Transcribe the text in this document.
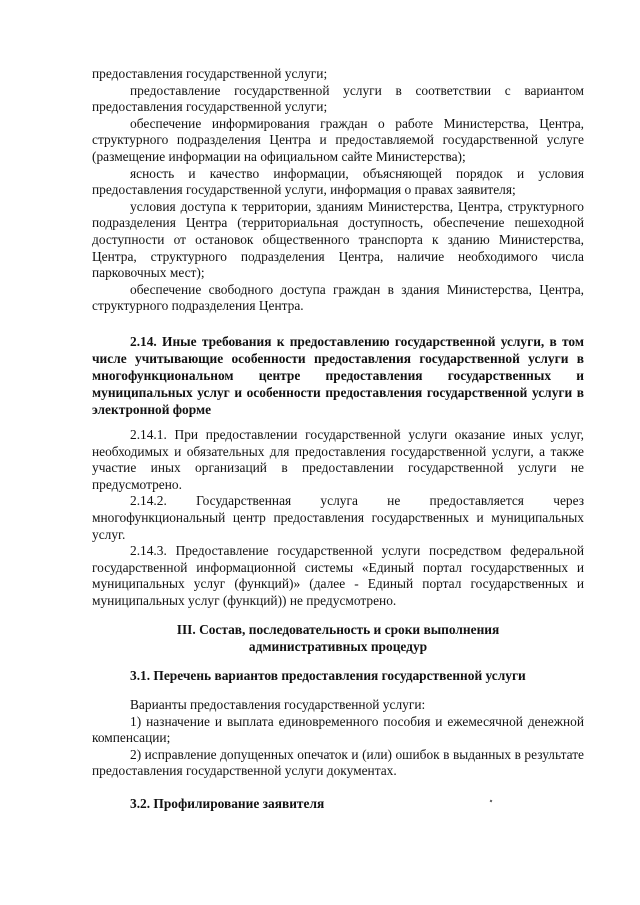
предоставления государственной услуги;

предоставление государственной услуги в соответствии с вариантом предоставления государственной услуги;

обеспечение информирования граждан о работе Министерства, Центра, структурного подразделения Центра и предоставляемой государственной услуге (размещение информации на официальном сайте Министерства);

ясность и качество информации, объясняющей порядок и условия предоставления государственной услуги, информация о правах заявителя;

условия доступа к территории, зданиям Министерства, Центра, структурного подразделения Центра (территориальная доступность, обеспечение пешеходной доступности от остановок общественного транспорта к зданию Министерства, Центра, структурного подразделения Центра, наличие необходимого числа парковочных мест);

обеспечение свободного доступа граждан в здания Министерства, Центра, структурного подразделения Центра.

2.14. Иные требования к предоставлению государственной услуги, в том числе учитывающие особенности предоставления государственной услуги в многофункциональном центре предоставления государственных и муниципальных услуг и особенности предоставления государственной услуги в электронной форме

2.14.1. При предоставлении государственной услуги оказание иных услуг, необходимых и обязательных для предоставления государственной услуги, а также участие иных организаций в предоставлении государственной услуги не предусмотрено.

2.14.2. Государственная услуга не предоставляется через многофункциональный центр предоставления государственных и муниципальных услуг.

2.14.3. Предоставление государственной услуги посредством федеральной государственной информационной системы «Единый портал государственных и муниципальных услуг (функций)» (далее - Единый портал государственных и муниципальных услуг (функций)) не предусмотрено.

III. Состав, последовательность и сроки выполнения административных процедур
3.1. Перечень вариантов предоставления государственной услуги

Варианты предоставления государственной услуги:

1) назначение и выплата единовременного пособия и ежемесячной денежной компенсации;

2) исправление допущенных опечаток и (или) ошибок в выданных в результате предоставления государственной услуги документах.

3.2. Профилирование заявителя
